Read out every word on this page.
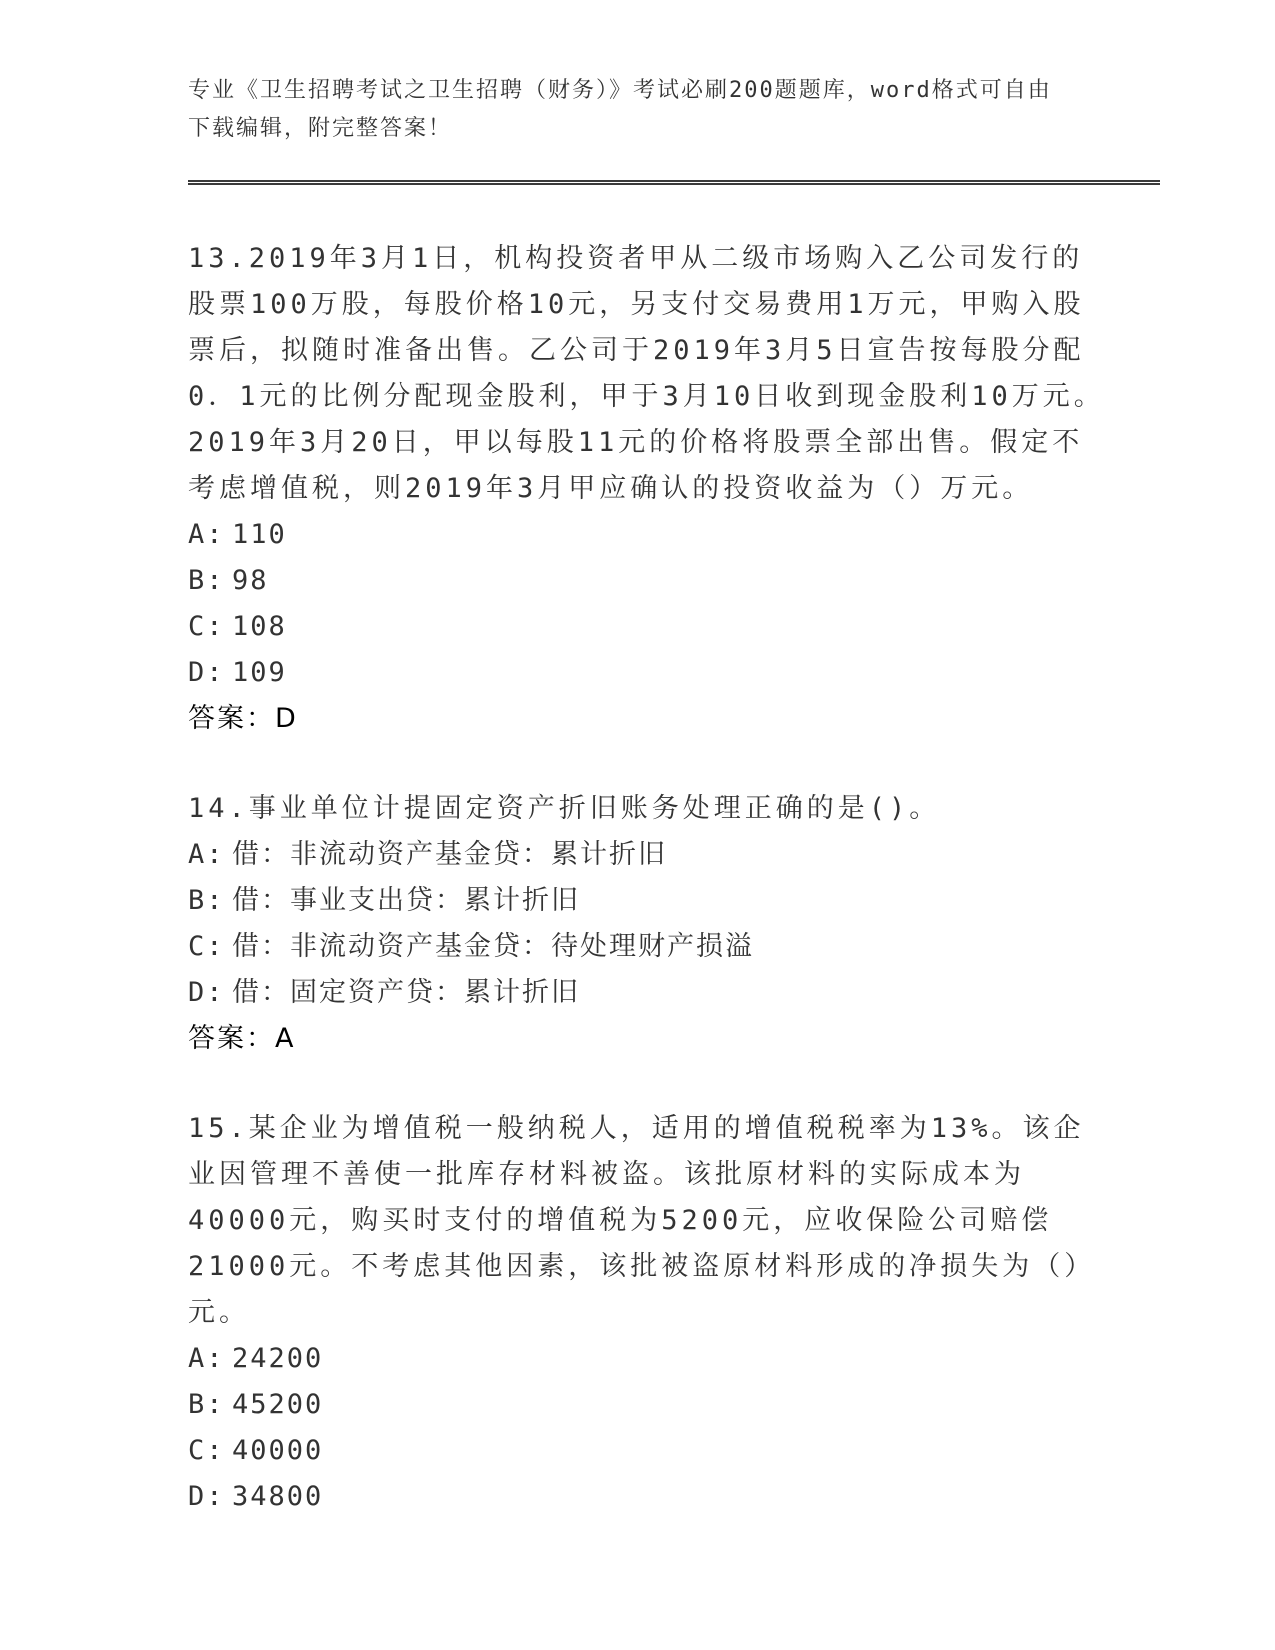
专业《卫生招聘考试之卫生招聘（财务）》考试必刷200题题库，word格式可自由下载编辑，附完整答案！

13.2019年3月1日，机构投资者甲从二级市场购入乙公司发行的股票100万股，每股价格10元，另支付交易费用1万元，甲购入股票后，拟随时准备出售。乙公司于2019年3月5日宣告按每股分配0．1元的比例分配现金股利，甲于3月10日收到现金股利10万元。2019年3月20日，甲以每股11元的价格将股票全部出售。假定不考虑增值税，则2019年3月甲应确认的投资收益为（）万元。

A: 110
B: 98
C: 108
D: 109
答案：D

14.事业单位计提固定资产折旧账务处理正确的是()。

A: 借：非流动资产基金贷：累计折旧
B: 借：事业支出贷：累计折旧
C: 借：非流动资产基金贷：待处理财产损溢
D: 借：固定资产贷：累计折旧
答案：A

15.某企业为增值税一般纳税人，适用的增值税税率为13%。该企业因管理不善使一批库存材料被盗。该批原材料的实际成本为40000元，购买时支付的增值税为5200元，应收保险公司赔偿21000元。不考虑其他因素，该批被盗原材料形成的净损失为（）元。

A: 24200
B: 45200
C: 40000
D: 34800
